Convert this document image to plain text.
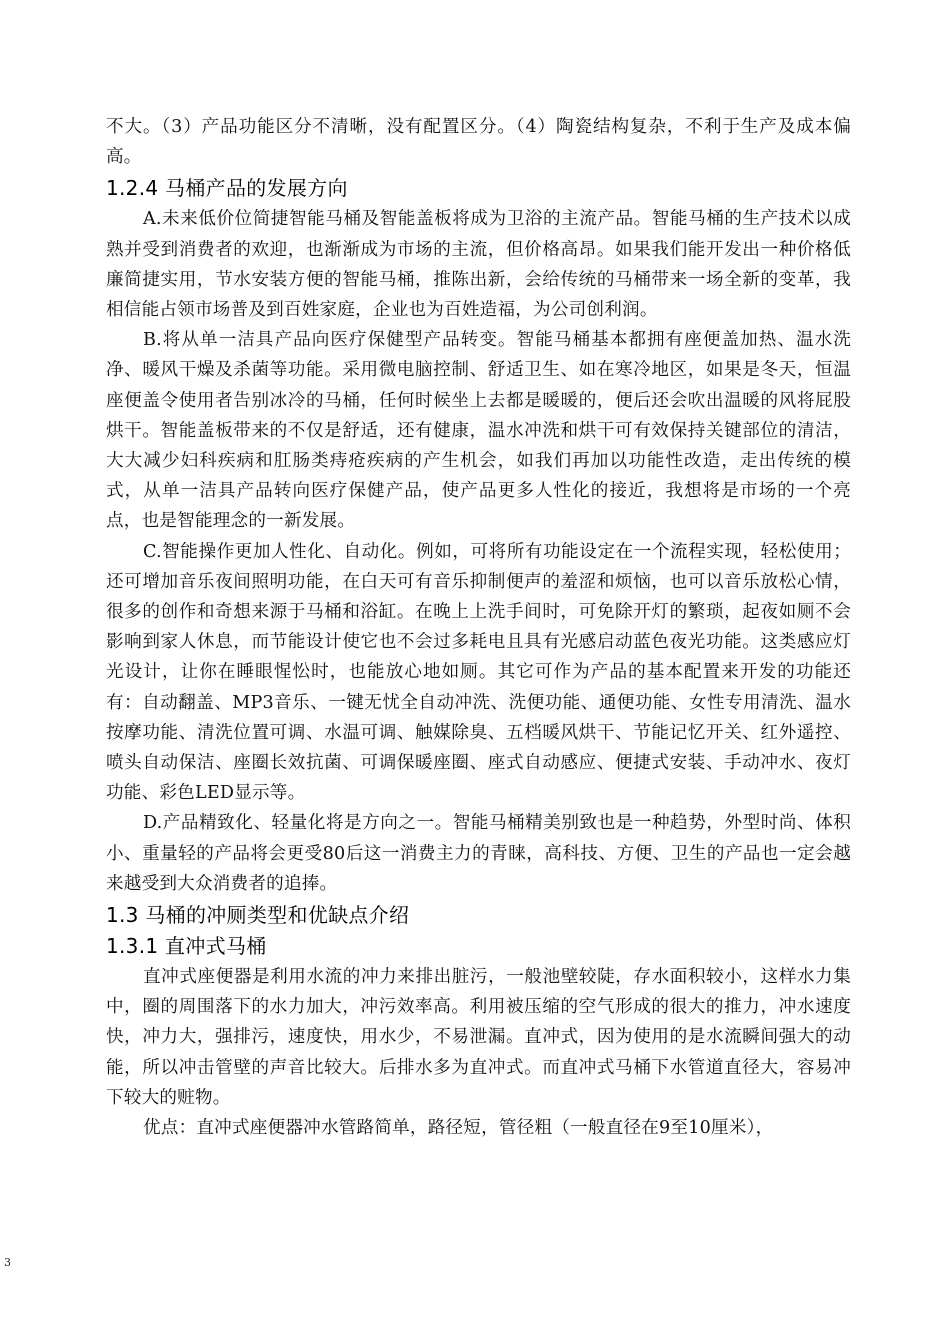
不大。（3）产品功能区分不清晰，没有配置区分。（4）陶瓷结构复杂，不利于生产及成本偏高。

1.2.4 马桶产品的发展方向

A.未来低价位简捷智能马桶及智能盖板将成为卫浴的主流产品。智能马桶的生产技术以成熟并受到消费者的欢迎，也渐渐成为市场的主流，但价格高昂。如果我们能开发出一种价格低廉简捷实用，节水安装方便的智能马桶，推陈出新，会给传统的马桶带来一场全新的变革，我相信能占领市场普及到百姓家庭，企业也为百姓造福，为公司创利润。

B.将从单一洁具产品向医疗保健型产品转变。智能马桶基本都拥有座便盖加热、温水洗净、暖风干燥及杀菌等功能。采用微电脑控制、舒适卫生、如在寒冷地区，如果是冬天，恒温座便盖令使用者告别冰冷的马桶，任何时候坐上去都是暖暖的，便后还会吹出温暖的风将屁股烘干。智能盖板带来的不仅是舒适，还有健康，温水冲洗和烘干可有效保持关键部位的清洁，大大减少妇科疾病和肛肠类痔疮疾病的产生机会，如我们再加以功能性改造，走出传统的模式，从单一洁具产品转向医疗保健产品，使产品更多人性化的接近，我想将是市场的一个亮点，也是智能理念的一新发展。

C.智能操作更加人性化、自动化。例如，可将所有功能设定在一个流程实现，轻松使用；还可增加音乐夜间照明功能，在白天可有音乐抑制便声的羞涩和烦恼，也可以音乐放松心情，很多的创作和奇想来源于马桶和浴缸。在晚上上洗手间时，可免除开灯的繁琐，起夜如厕不会影响到家人休息，而节能设计使它也不会过多耗电且具有光感启动蓝色夜光功能。这类感应灯光设计，让你在睡眼惺忪时，也能放心地如厕。其它可作为产品的基本配置来开发的功能还有：自动翻盖、MP3音乐、一键无忧全自动冲洗、洗便功能、通便功能、女性专用清洗、温水按摩功能、清洗位置可调、水温可调、触媒除臭、五档暖风烘干、节能记忆开关、红外遥控、喷头自动保洁、座圈长效抗菌、可调保暖座圈、座式自动感应、便捷式安装、手动冲水、夜灯功能、彩色LED显示等。

D.产品精致化、轻量化将是方向之一。智能马桶精美别致也是一种趋势，外型时尚、体积小、重量轻的产品将会更受80后这一消费主力的青睐，高科技、方便、卫生的产品也一定会越来越受到大众消费者的追捧。

1.3 马桶的冲厕类型和优缺点介绍
1.3.1 直冲式马桶

直冲式座便器是利用水流的冲力来排出脏污，一般池壁较陡，存水面积较小，这样水力集中，圈的周围落下的水力加大，冲污效率高。利用被压缩的空气形成的很大的推力，冲水速度快，冲力大，强排污，速度快，用水少，不易泄漏。直冲式，因为使用的是水流瞬间强大的动能，所以冲击管壁的声音比较大。后排水多为直冲式。而直冲式马桶下水管道直径大，容易冲下较大的赃物。

优点：直冲式座便器冲水管路简单，路径短，管径粗（一般直径在9至10厘米），

3
